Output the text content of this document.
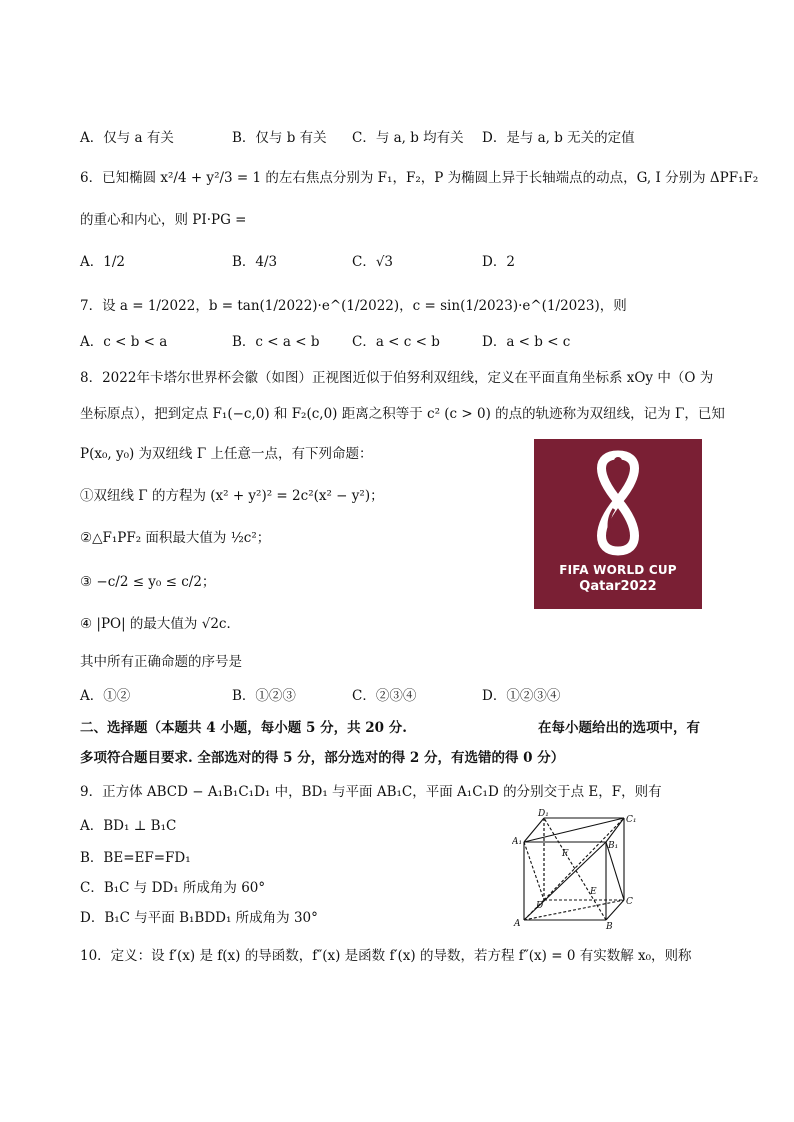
A．仅与 a 有关	B．仅与 b 有关 C．与 a, b 均有关 D．是与 a, b 无关的定值
6．已知椭圆 x²/4 + y²/3 = 1 的左右焦点分别为 F₁，F₂，P 为椭圆上异于长轴端点的动点，G, I 分别为 ΔPF₁F₂
的重心和内心，则 PI·PG =
A．1/2	B．4/3	C．√3	D．2
7．设 a = 1/2022，b = tan(1/2022)·e^(1/2022)，c = sin(1/2023)·e^(1/2023)，则
A．c < b < a	B．c < a < b C．a < c < b	D．a < b < c
8．2022年卡塔尔世界杯会徽（如图）正视图近似于伯努利双纽线，定义在平面直角坐标系 xOy 中（O 为
坐标原点），把到定点 F₁(−c,0) 和 F₂(c,0) 距离之积等于 c² (c > 0) 的点的轨迹称为双纽线，记为 Γ，已知
P(x₀, y₀) 为双纽线 Γ 上任意一点，有下列命题：
①双纽线 Γ 的方程为 (x² + y²)² = 2c²(x² − y²)；
②△F₁PF₂ 面积最大值为 ½c²；
③ −c/2 ≤ y₀ ≤ c/2；
④ |PO| 的最大值为 √2c．
其中所有正确命题的序号是
A．①②	B．①②③	C．②③④	D．①②③④
FIFA WORLD CUP
Qatar2022
二、选择题（本题共 4 小题，每小题 5 分，共 20 分.	在每小题给出的选项中，有
多项符合题目要求. 全部选对的得 5 分，部分选对的得 2 分，有选错的得 0 分）
9．正方体 ABCD − A₁B₁C₁D₁ 中，BD₁ 与平面 AB₁C，平面 A₁C₁D 的分别交于点 E，F，则有
A．BD₁ ⊥ B₁C
B．BE=EF=FD₁
C．B₁C 与 DD₁ 所成角为 60°
D．B₁C 与平面 B₁BDD₁ 所成角为 30°
D₁
C₁
A₁	B₁
F
E
D	C
A	B
10．定义：设 f′(x) 是 f(x) 的导函数，f″(x) 是函数 f′(x) 的导数，若方程 f″(x) = 0 有实数解 x₀，则称
